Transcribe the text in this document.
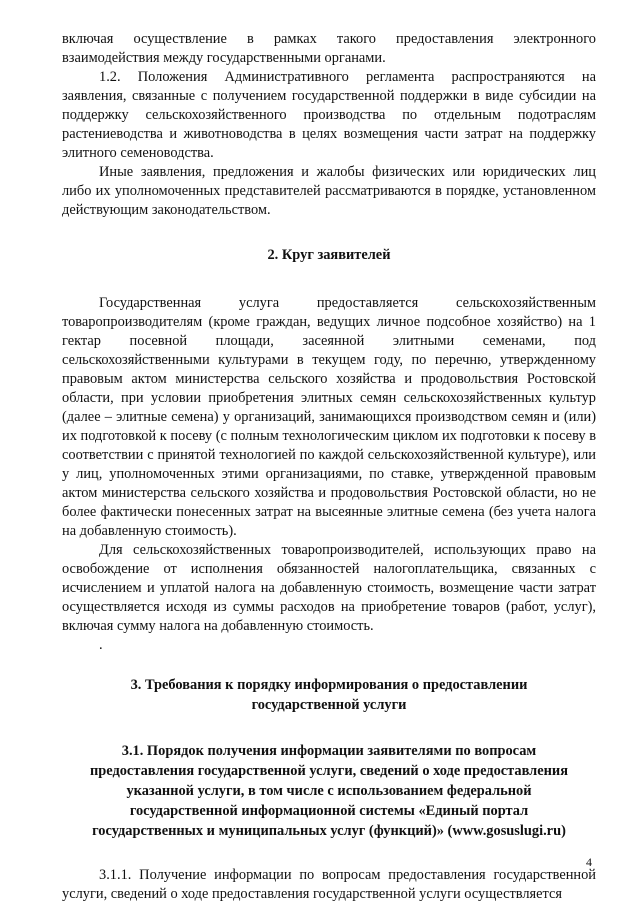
включая осуществление в рамках такого предоставления электронного взаимодействия между государственными органами.

1.2. Положения Административного регламента распространяются на заявления, связанные с получением государственной поддержки в виде субсидии на поддержку сельскохозяйственного производства по отдельным подотраслям растениеводства и животноводства в целях возмещения части затрат на поддержку элитного семеноводства.

Иные заявления, предложения и жалобы физических или юридических лиц либо их уполномоченных представителей рассматриваются в порядке, установленном действующим законодательством.

2. Круг заявителей

Государственная услуга предоставляется сельскохозяйственным товаропроизводителям (кроме граждан, ведущих личное подсобное хозяйство) на 1 гектар посевной площади, засеянной элитными семенами, под сельскохозяйственными культурами в текущем году, по перечню, утвержденному правовым актом министерства сельского хозяйства и продовольствия Ростовской области, при условии приобретения элитных семян сельскохозяйственных культур (далее – элитные семена) у организаций, занимающихся производством семян и (или) их подготовкой к посеву (с полным технологическим циклом их подготовки к посеву в соответствии с принятой технологией по каждой сельскохозяйственной культуре), или у лиц, уполномоченных этими организациями, по ставке, утвержденной правовым актом министерства сельского хозяйства и продовольствия Ростовской области, но не более фактически понесенных затрат на высеянные элитные семена (без учета налога на добавленную стоимость).

Для сельскохозяйственных товаропроизводителей, использующих право на освобождение от исполнения обязанностей налогоплательщика, связанных с исчислением и уплатой налога на добавленную стоимость, возмещение части затрат осуществляется исходя из суммы расходов на приобретение товаров (работ, услуг), включая сумму налога на добавленную стоимость.

.
3. Требования к порядку информирования о предоставлении
государственной услуги
3.1. Порядок получения информации заявителями по вопросам
предоставления государственной услуги, сведений о ходе предоставления
указанной услуги, в том числе с использованием федеральной
государственной информационной системы «Единый портал
государственных и муниципальных услуг (функций)» (www.gosuslugi.ru)

3.1.1. Получение информации по вопросам предоставления государственной услуги, сведений о ходе предоставления государственной услуги осуществляется

4
